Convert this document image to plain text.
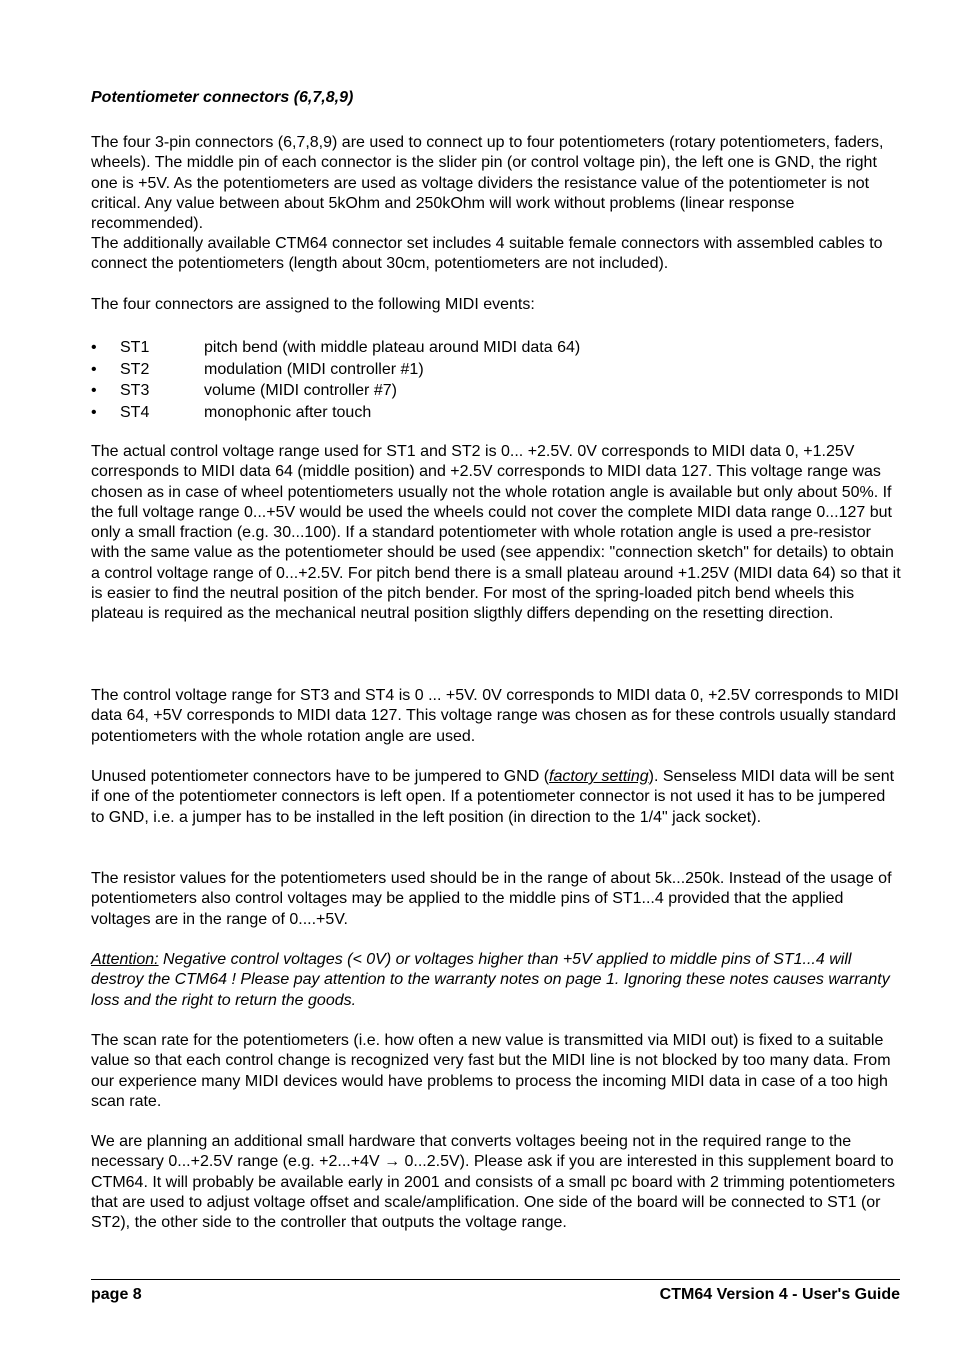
Potentiometer connectors (6,7,8,9)

The four 3-pin connectors (6,7,8,9) are used to connect up to four potentiometers (rotary potentiometers, faders, wheels). The middle pin of each connector is the slider pin (or control voltage pin), the left one is GND, the right one is +5V. As the potentiometers are used as voltage dividers the resistance value of the potentiometer is not critical. Any value between about 5kOhm and 250kOhm will work without problems (linear response recommended).

The additionally available CTM64 connector set includes 4 suitable female connectors with assembled cables to connect the potentiometers (length about 30cm, potentiometers are not included).

The four connectors are assigned to the following MIDI events:

• ST1	pitch bend (with middle plateau around MIDI data 64)
• ST2	modulation (MIDI controller #1)
• ST3	volume (MIDI controller #7)
• ST4	monophonic after touch

The actual control voltage range used for ST1 and ST2 is 0... +2.5V. 0V corresponds to MIDI data 0, +1.25V corresponds to MIDI data 64 (middle position) and +2.5V corresponds to MIDI data 127. This voltage range was chosen as in case of wheel potentiometers usually not the whole rotation angle is available but only about 50%. If the full voltage range 0...+5V would be used the wheels could not cover the complete MIDI data range 0...127 but only a small fraction (e.g. 30...100). If a standard potentiometer with whole rotation angle is used a pre-resistor with the same value as the potentiometer should be used (see appendix: "connection sketch" for details) to obtain a control voltage range of 0...+2.5V. For pitch bend there is a small plateau around +1.25V (MIDI data 64) so that it is easier to find the neutral position of the pitch bender. For most of the spring-loaded pitch bend wheels this plateau is required as the mechanical neutral position sligthly differs depending on the resetting direction.

The control voltage range for ST3 and ST4 is 0 ... +5V. 0V corresponds to MIDI data 0, +2.5V corresponds to MIDI data 64, +5V corresponds to MIDI data 127. This voltage range was chosen as for these controls usually standard potentiometers with the whole rotation angle are used.

Unused potentiometer connectors have to be jumpered to GND (factory setting). Senseless MIDI data will be sent if one of the potentiometer connectors is left open. If a potentiometer connector is not used it has to be jumpered to GND, i.e. a jumper has to be installed in the left position (in direction to the 1/4" jack socket).

The resistor values for the potentiometers used should be in the range of about 5k...250k. Instead of the usage of potentiometers also control voltages may be applied to the middle pins of ST1...4 provided that the applied voltages are in the range of 0....+5V.

Attention: Negative control voltages (< 0V) or voltages higher than +5V applied to middle pins of ST1...4 will destroy the CTM64 ! Please pay attention to the warranty notes on page 1. Ignoring these notes causes warranty loss and the right to return the goods.

The scan rate for the potentiometers (i.e. how often a new value is transmitted via MIDI out) is fixed to a suitable value so that each control change is recognized very fast but the MIDI line is not blocked by too many data. From our experience many MIDI devices would have problems to process the incoming MIDI data in case of a too high scan rate.

We are planning an additional small hardware that converts voltages beeing not in the required range to the necessary 0...+2.5V range (e.g. +2...+4V → 0...2.5V). Please ask if you are interested in this supplement board to CTM64. It will probably be available early in 2001 and consists of a small pc board with 2 trimming potentiometers that are used to adjust voltage offset and scale/amplification. One side of the board will be connected to ST1 (or ST2), the other side to the controller that outputs the voltage range.

page 8	CTM64 Version 4 - User's Guide
